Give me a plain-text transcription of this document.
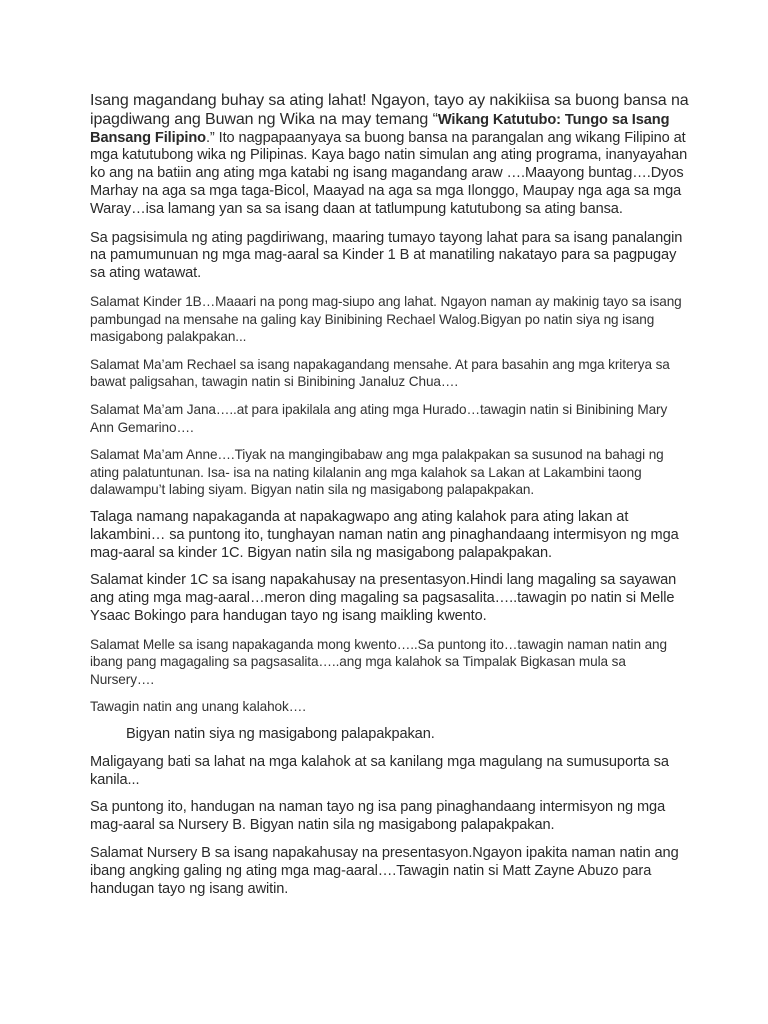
Isang magandang buhay sa ating lahat! Ngayon, tayo ay nakikiisa sa buong bansa na

ipagdiwang ang Buwan ng Wika na may temang “Wikang Katutubo: Tungo sa Isang Bansang Filipino.” Ito nagpapaanyaya sa buong bansa na parangalan ang wikang Filipino at mga katutubong wika ng Pilipinas. Kaya bago natin simulan ang ating programa, inanyayahan ko ang na batiin ang ating mga katabi ng isang magandang araw ….Maayong buntag….Dyos Marhay na aga sa mga taga-Bicol, Maayad na aga sa mga Ilonggo, Maupay nga aga sa mga Waray…isa lamang yan sa sa isang daan at tatlumpung katutubong sa ating bansa.

Sa pagsisimula ng ating pagdiriwang, maaring tumayo tayong lahat para sa isang panalangin na pamumunuan ng mga mag-aaral sa Kinder 1 B at manatiling nakatayo para sa pagpugay sa ating watawat.

Salamat Kinder 1B…Maaari na pong mag-siupo ang lahat. Ngayon naman ay makinig tayo sa isang pambungad na mensahe na galing kay Binibining Rechael Walog.Bigyan po natin siya ng isang masigabong palakpakan...

Salamat Ma’am Rechael sa isang napakagandang mensahe. At para basahin ang mga kriterya sa bawat paligsahan, tawagin natin si Binibining Janaluz Chua….

Salamat Ma’am Jana…..at para ipakilala ang ating mga Hurado…tawagin natin si Binibining Mary Ann Gemarino….

Salamat Ma’am Anne….Tiyak na mangingibabaw ang mga palakpakan sa susunod na bahagi ng ating palatuntunan. Isa- isa na nating kilalanin ang mga kalahok sa Lakan at Lakambini taong dalawampu’t labing siyam. Bigyan natin sila ng masigabong palapakpakan.

Talaga namang napakaganda at napakagwapo ang ating kalahok para ating lakan at lakambini… sa puntong ito, tunghayan naman natin ang pinaghandaang intermisyon ng mga mag-aaral sa kinder 1C. Bigyan natin sila ng masigabong palapakpakan.

Salamat kinder 1C sa isang napakahusay na presentasyon.Hindi lang magaling sa sayawan ang ating mga mag-aaral…meron ding magaling sa pagsasalita…..tawagin po natin si Melle Ysaac Bokingo para handugan tayo ng isang maikling kwento.

Salamat Melle sa isang napakaganda mong kwento…..Sa puntong ito…tawagin naman natin ang ibang pang magagaling sa pagsasalita…..ang mga kalahok sa Timpalak Bigkasan mula sa Nursery….

Tawagin natin ang unang kalahok….

Bigyan natin siya ng masigabong palapakpakan.

Maligayang bati sa lahat na mga kalahok at sa kanilang mga magulang na sumusuporta sa kanila...

Sa puntong ito, handugan na naman tayo ng isa pang pinaghandaang intermisyon ng mga mag-aaral sa Nursery B. Bigyan natin sila ng masigabong palapakpakan.

Salamat Nursery B sa isang napakahusay na presentasyon.Ngayon ipakita naman natin ang ibang angking galing ng ating mga mag-aaral….Tawagin natin si Matt Zayne Abuzo para handugan tayo ng isang awitin.
